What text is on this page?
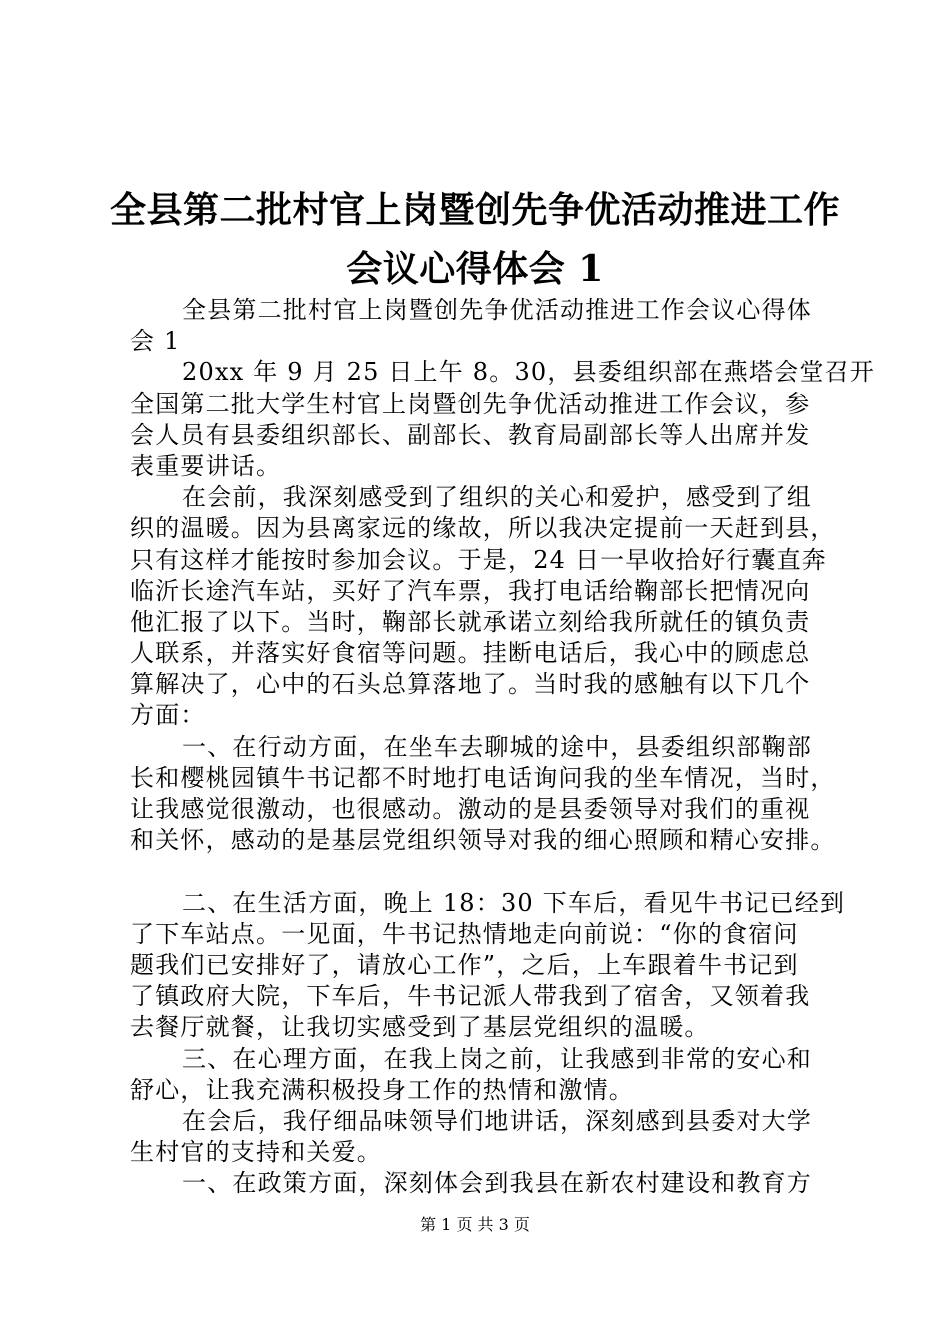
全县第二批村官上岗暨创先争优活动推进工作
会议心得体会 1
全县第二批村官上岗暨创先争优活动推进工作会议心得体
会 1
20xx 年 9 月 25 日上午 8。30，县委组织部在燕塔会堂召开
全国第二批大学生村官上岗暨创先争优活动推进工作会议，参
会人员有县委组织部长、副部长、教育局副部长等人出席并发
表重要讲话。
在会前，我深刻感受到了组织的关心和爱护，感受到了组
织的温暖。因为县离家远的缘故，所以我决定提前一天赶到县，
只有这样才能按时参加会议。于是，24 日一早收拾好行囊直奔
临沂长途汽车站，买好了汽车票，我打电话给鞠部长把情况向
他汇报了以下。当时，鞠部长就承诺立刻给我所就任的镇负责
人联系，并落实好食宿等问题。挂断电话后，我心中的顾虑总
算解决了，心中的石头总算落地了。当时我的感触有以下几个
方面：
一、在行动方面，在坐车去聊城的途中，县委组织部鞠部
长和樱桃园镇牛书记都不时地打电话询问我的坐车情况，当时，
让我感觉很激动，也很感动。激动的是县委领导对我们的重视
和关怀，感动的是基层党组织领导对我的细心照顾和精心安排。
二、在生活方面，晚上 18：30 下车后，看见牛书记已经到
了下车站点。一见面，牛书记热情地走向前说：“你的食宿问
题我们已安排好了，请放心工作”，之后，上车跟着牛书记到
了镇政府大院，下车后，牛书记派人带我到了宿舍，又领着我
去餐厅就餐，让我切实感受到了基层党组织的温暖。
三、在心理方面，在我上岗之前，让我感到非常的安心和
舒心，让我充满积极投身工作的热情和激情。
在会后，我仔细品味领导们地讲话，深刻感到县委对大学
生村官的支持和关爱。
一、在政策方面，深刻体会到我县在新农村建设和教育方
第 1 页 共 3 页
